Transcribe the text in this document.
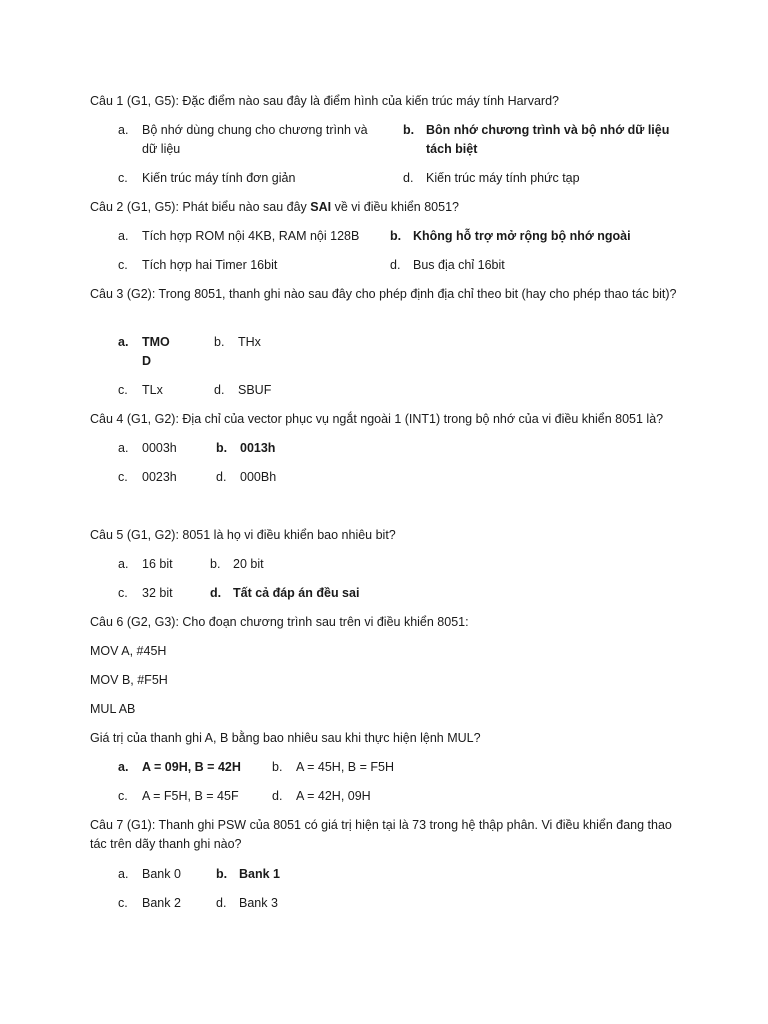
Câu 1 (G1, G5): Đặc điểm nào sau đây là điểm hình của kiến trúc máy tính Harvard?
a. Bộ nhớ dùng chung cho chương trình và dữ liệu
b. Bôn nhớ chương trình và bộ nhớ dữ liệu tách biệt
c. Kiến trúc máy tính đơn giản	d. Kiến trúc máy tính phức tạp
Câu 2 (G1, G5): Phát biểu nào sau đây SAI về vi điều khiển 8051?
a. Tích hợp ROM nội 4KB, RAM nội 128B b. Không hỗ trợ mở rộng bộ nhớ ngoài
c. Tích hợp hai Timer 16bit	d. Bus địa chỉ 16bit
Câu 3 (G2): Trong 8051, thanh ghi nào sau đây cho phép định địa chỉ theo bit (hay cho phép thao tác bit)?
a. TMO
D
b. THx
c. TLx	d. SBUF
Câu 4 (G1, G2): Địa chỉ của vector phục vụ ngắt ngoài 1 (INT1) trong bộ nhớ của vi điều khiển 8051 là?
a. 0003h	b. 0013h
c. 0023h	d. 000Bh
Câu 5 (G1, G2): 8051 là họ vi điều khiển bao nhiêu bit?
a. 16 bit	b. 20 bit
c. 32 bit	d. Tất cả đáp án đều sai
Câu 6 (G2, G3): Cho đoạn chương trình sau trên vi điều khiển 8051:
MOV A, #45H
MOV B, #F5H
MUL AB
Giá trị của thanh ghi A, B bằng bao nhiêu sau khi thực hiện lệnh MUL?
a. A = 09H, B = 42H b. A = 45H, B = F5H
c. A = F5H, B = 45F	d. A = 42H, 09H
Câu 7 (G1): Thanh ghi PSW của 8051 có giá trị hiện tại là 73 trong hệ thập phân. Vi điều khiển đang thao tác trên dãy thanh ghi nào?
a. Bank 0	b. Bank 1
c. Bank 2	d. Bank 3
